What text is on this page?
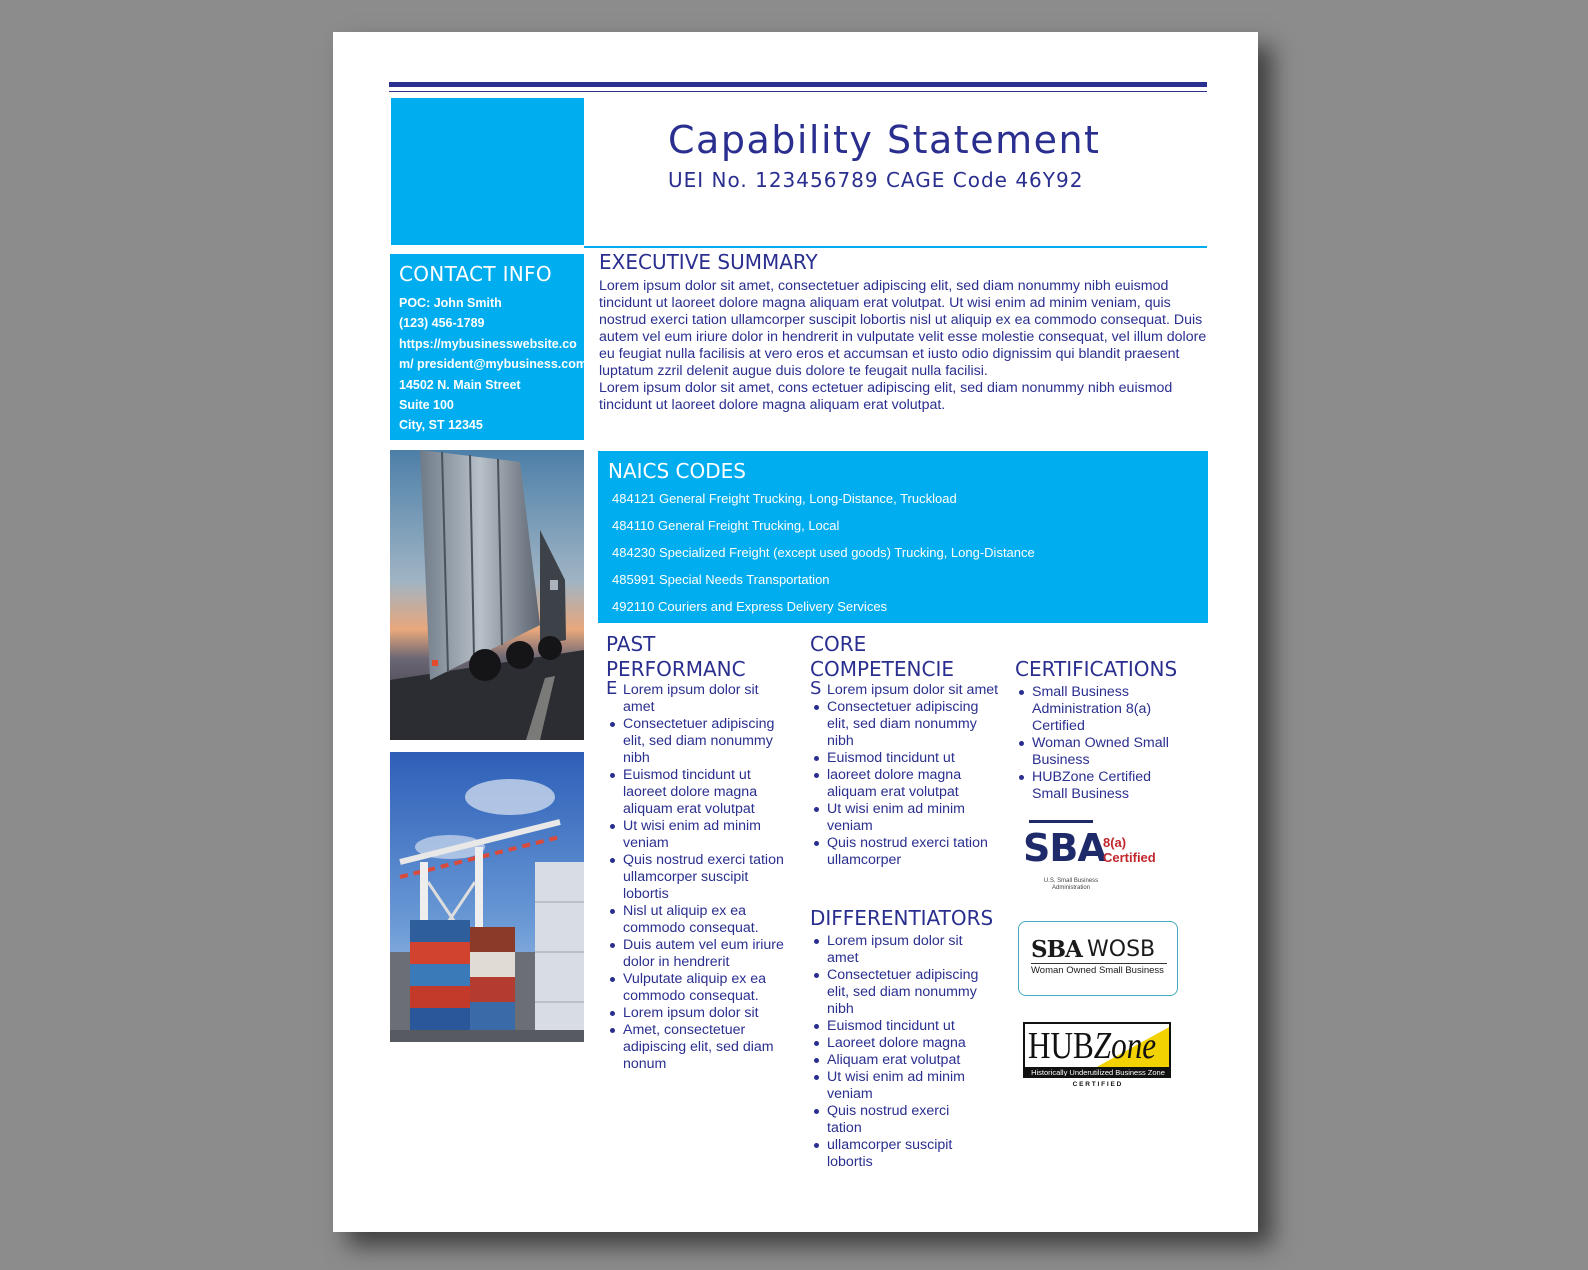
Capability Statement
UEI No. 123456789 CAGE Code 46Y92
CONTACT INFO
POC: John Smith
(123) 456-1789
https://mybusinesswebsite.co
m/ president@mybusiness.com
14502 N. Main Street
Suite 100
City, ST 12345
EXECUTIVE SUMMARY

Lorem ipsum dolor sit amet, consectetuer adipiscing elit, sed diam nonummy nibh euismod tincidunt ut laoreet dolore magna aliquam erat volutpat. Ut wisi enim ad minim veniam, quis nostrud exerci tation ullamcorper suscipit lobortis nisl ut aliquip ex ea commodo consequat. Duis autem vel eum iriure dolor in hendrerit in vulputate velit esse molestie consequat, vel illum dolore eu feugiat nulla facilisis at vero eros et accumsan et iusto odio dignissim qui blandit praesent luptatum zzril delenit augue duis dolore te feugait nulla facilisi.

Lorem ipsum dolor sit amet, cons ectetuer adipiscing elit, sed diam nonummy nibh euismod tincidunt ut laoreet dolore magna aliquam erat volutpat.

NAICS CODES
484121 General Freight Trucking, Long-Distance, Truckload
484110 General Freight Trucking, Local
484230 Specialized Freight (except used goods) Trucking, Long-Distance
485991 Special Needs Transportation
492110 Couriers and Express Delivery Services
PAST
PERFORMANC
E Lorem ipsum dolor sit amet
Consectetuer adipiscing elit, sed diam nonummy nibh
Euismod tincidunt ut laoreet dolore magna aliquam erat volutpat
Ut wisi enim ad minim veniam
Quis nostrud exerci tation ullamcorper suscipit lobortis
Nisl ut aliquip ex ea commodo consequat.
Duis autem vel eum iriure dolor in hendrerit
Vulputate aliquip ex ea commodo consequat.
Lorem ipsum dolor sit
Amet, consectetuer adipiscing elit, sed diam nonum
CORE
COMPETENCIE
S Lorem ipsum dolor sit amet
Consectetuer adipiscing elit, sed diam nonummy nibh
Euismod tincidunt ut
laoreet dolore magna aliquam erat volutpat
Ut wisi enim ad minim veniam
Quis nostrud exerci tation ullamcorper
DIFFERENTIATORS
Lorem ipsum dolor sit amet
Consectetuer adipiscing elit, sed diam nonummy nibh
Euismod tincidunt ut
Laoreet dolore magna
Aliquam erat volutpat
Ut wisi enim ad minim veniam
Quis nostrud exerci tation
ullamcorper suscipit lobortis
CERTIFICATIONS
Small Business Administration 8(a) Certified
Woman Owned Small Business
HUBZone Certified Small Business
SBA
8(a)
Certified
U.S. Small Business
Administration
SBA WOSB
Woman Owned Small Business
HUBZone
Historically Underutilized Business Zone
C E R T I F I E D
